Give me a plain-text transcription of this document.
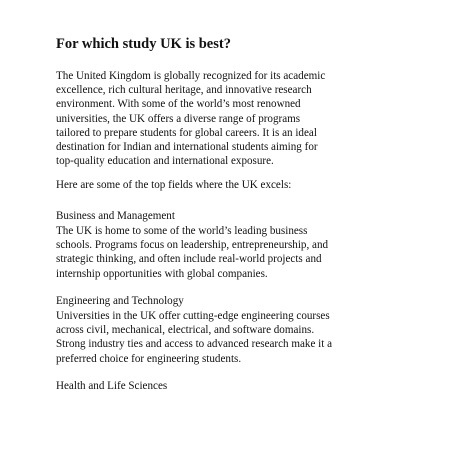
For which study UK is best?
The United Kingdom is globally recognized for its academic
excellence, rich cultural heritage, and innovative research
environment. With some of the world’s most renowned
universities, the UK offers a diverse range of programs
tailored to prepare students for global careers. It is an ideal
destination for Indian and international students aiming for
top-quality education and international exposure.
Here are some of the top fields where the UK excels:
Business and Management
The UK is home to some of the world’s leading business
schools. Programs focus on leadership, entrepreneurship, and
strategic thinking, and often include real-world projects and
internship opportunities with global companies.
Engineering and Technology
Universities in the UK offer cutting-edge engineering courses
across civil, mechanical, electrical, and software domains.
Strong industry ties and access to advanced research make it a
preferred choice for engineering students.
Health and Life Sciences
